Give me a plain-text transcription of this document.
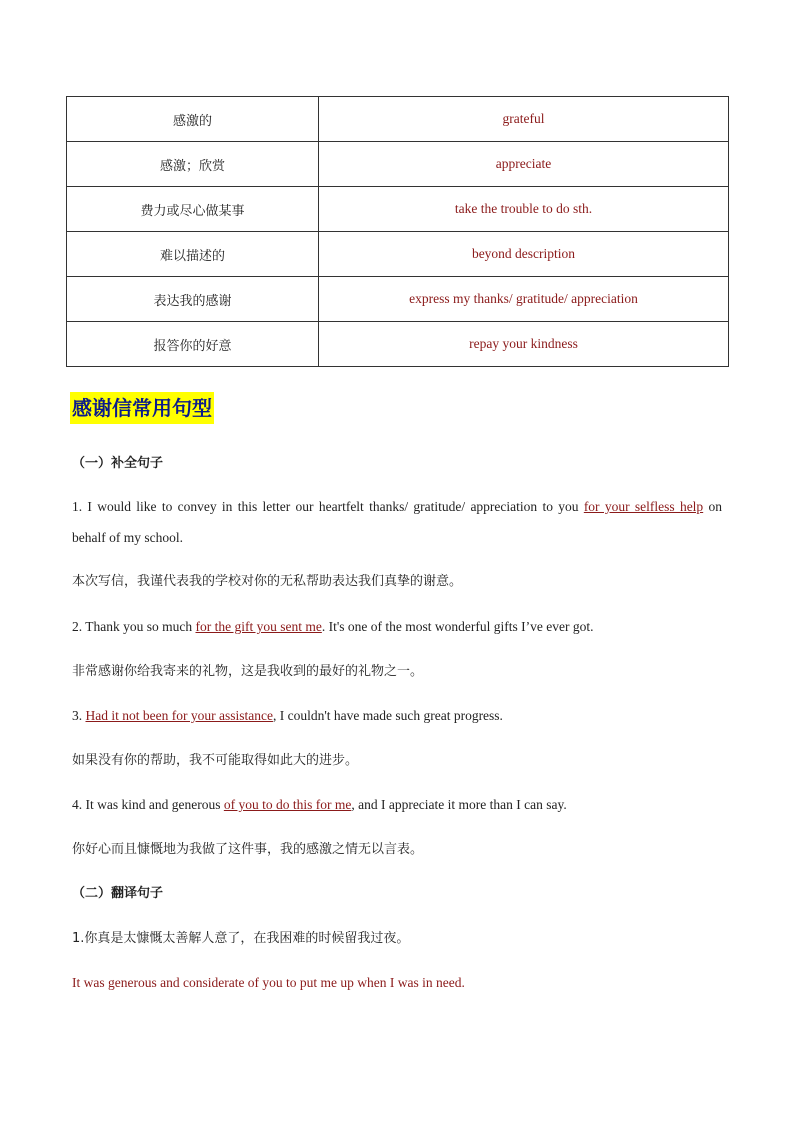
感激的	grateful
感激；欣赏	appreciate
费力或尽心做某事	take the trouble to do sth.
难以描述的	beyond description
表达我的感谢	express my thanks/ gratitude/ appreciation
报答你的好意	repay your kindness
感谢信常用句型
（一）补全句子
1. I would like to convey in this letter our heartfelt thanks/ gratitude/ appreciation to you for your selfless help on
behalf of my school.
本次写信，我谨代表我的学校对你的无私帮助表达我们真挚的谢意。
2. Thank you so much for the gift you sent me. It's one of the most wonderful gifts I’ve ever got.
非常感谢你给我寄来的礼物，这是我收到的最好的礼物之一。
3. Had it not been for your assistance, I couldn't have made such great progress.
如果没有你的帮助，我不可能取得如此大的进步。
4. It was kind and generous of you to do this for me, and I appreciate it more than I can say.
你好心而且慷慨地为我做了这件事，我的感激之情无以言表。
（二）翻译句子
1.你真是太慷慨太善解人意了，在我困难的时候留我过夜。
It was generous and considerate of you to put me up when I was in need.
